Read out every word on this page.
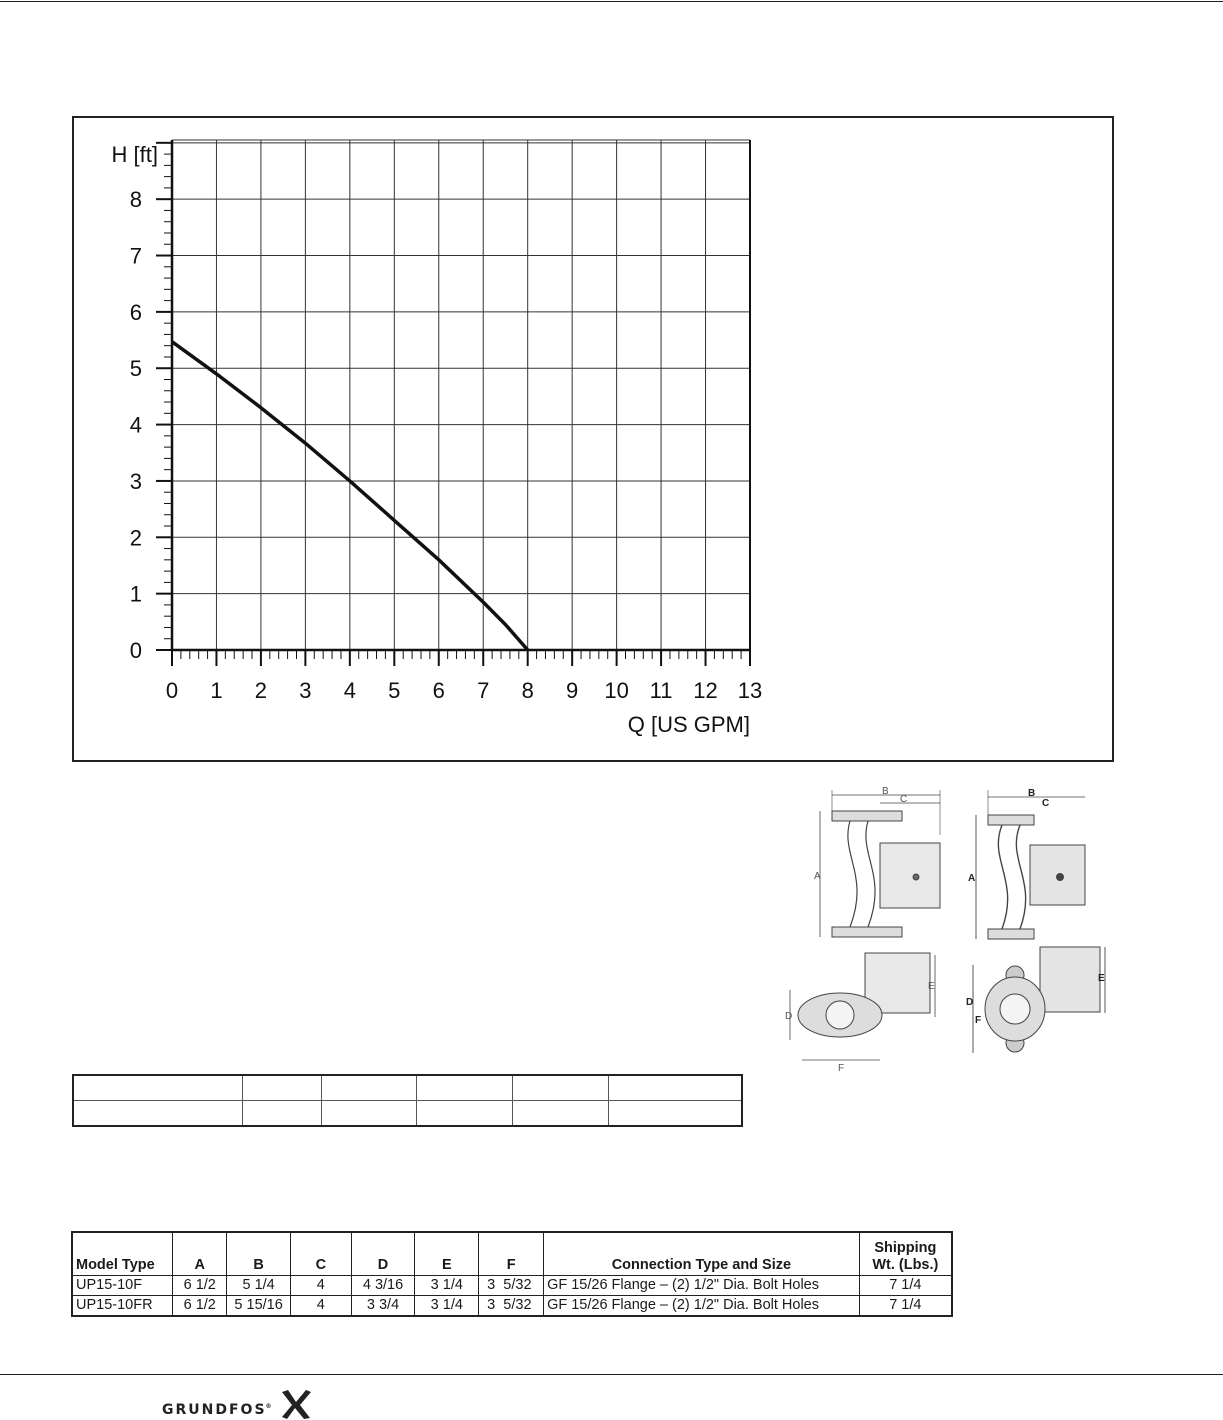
0 1 2 3 4 5 6 7 8 9 10 11 12 13
0
1
2
3
4
5
6
7
8
H [ft]
Q [US GPM]
A
B
C
A
B
C
D
E
F
D
E
F

Model Type	A	B	C	D	E	F	Connection Type and Size	Shipping Wt. (Lbs.)
UP15-10F	6 1/2	5 1/4	4	4 3/16	3 1/4	3  5/32	GF 15/26 Flange – (2) 1/2" Dia. Bolt Holes	7 1/4
UP15-10FR	6 1/2	5 15/16	4	3 3/4	3 1/4	3  5/32	GF 15/26 Flange – (2) 1/2" Dia. Bolt Holes	7 1/4
GRUNDFOS®
